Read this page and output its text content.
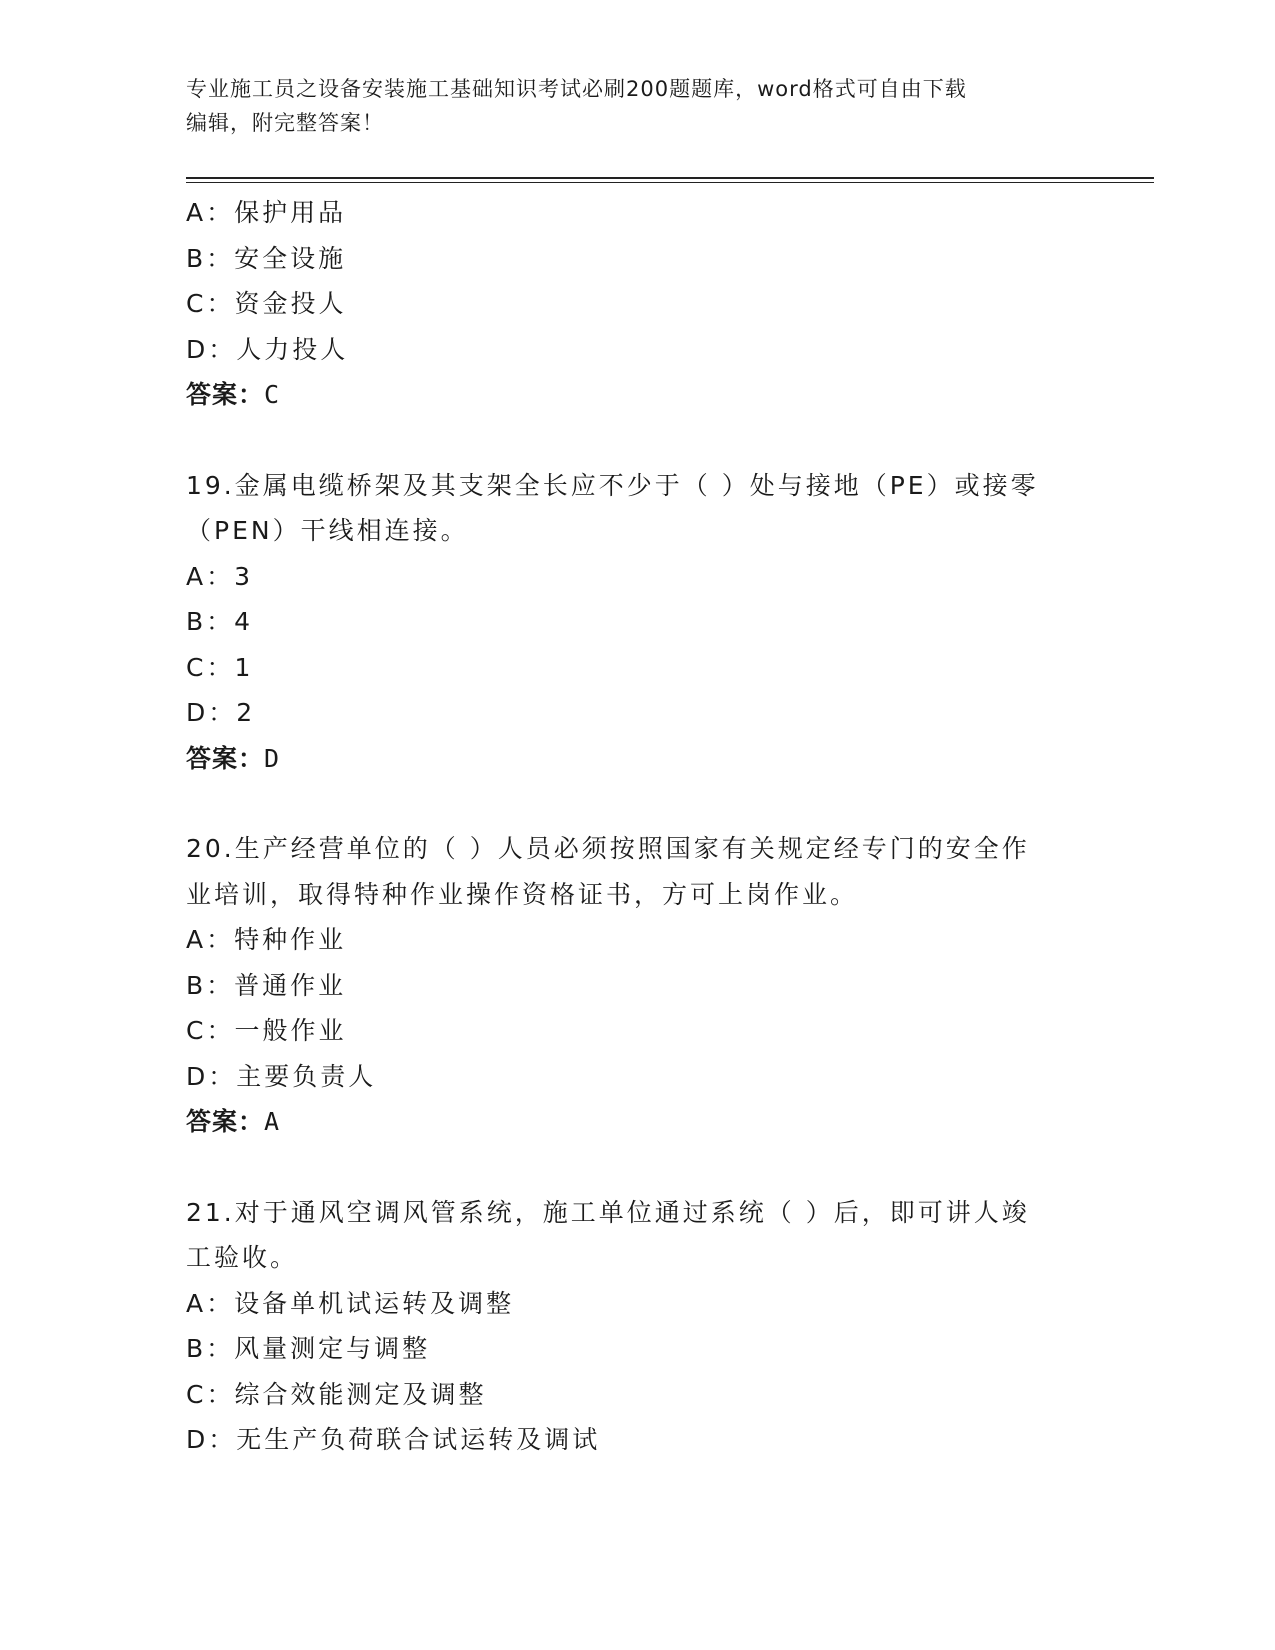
专业施工员之设备安装施工基础知识考试必刷200题题库，word格式可自由下载
编辑，附完整答案！
A：保护用品
B：安全设施
C：资金投人
D：人力投人
答案：C
19.金属电缆桥架及其支架全长应不少于（ ）处与接地（PE）或接零
（PEN）干线相连接。
A：3
B：4
C：1
D：2
答案：D
20.生产经营单位的（ ）人员必须按照国家有关规定经专门的安全作
业培训，取得特种作业操作资格证书，方可上岗作业。
A：特种作业
B：普通作业
C：一般作业
D：主要负责人
答案：A
21.对于通风空调风管系统，施工单位通过系统（ ）后，即可讲人竣
工验收。
A：设备单机试运转及调整
B：风量测定与调整
C：综合效能测定及调整
D：无生产负荷联合试运转及调试
